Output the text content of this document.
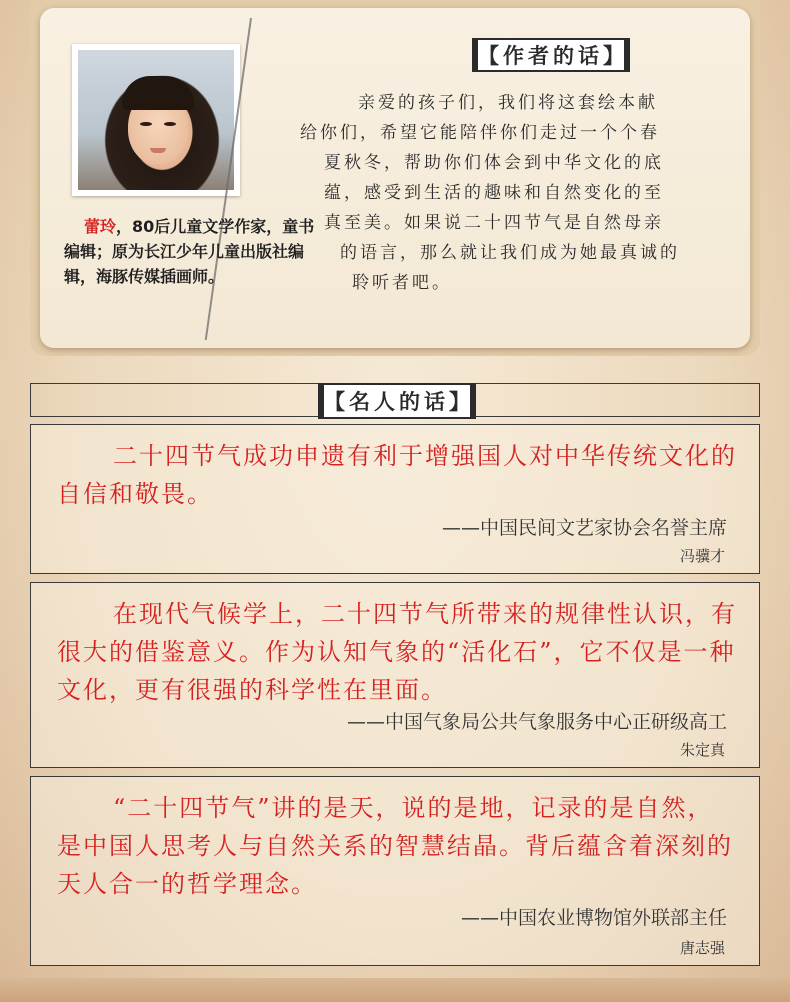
蕾玲，80后儿童文学作家，童书编辑；原为长江少年儿童出版社编辑，海豚传媒插画师。
【作者的话】

亲爱的孩子们，我们将这套绘本献

给你们，希望它能陪伴你们走过一个个春

夏秋冬，帮助你们体会到中华文化的底

蕴，感受到生活的趣味和自然变化的至

真至美。如果说二十四节气是自然母亲

的语言，那么就让我们成为她最真诚的

聆听者吧。

【名人的话】
二十四节气成功申遗有利于增强国人对中华传统文化的自信和敬畏。
——中国民间文艺家协会名誉主席
冯骥才
在现代气候学上，二十四节气所带来的规律性认识，有很大的借鉴意义。作为认知气象的“活化石”，它不仅是一种文化，更有很强的科学性在里面。
——中国气象局公共气象服务中心正研级高工
朱定真
“二十四节气”讲的是天，说的是地，记录的是自然，是中国人思考人与自然关系的智慧结晶。背后蕴含着深刻的天人合一的哲学理念。
——中国农业博物馆外联部主任
唐志强
